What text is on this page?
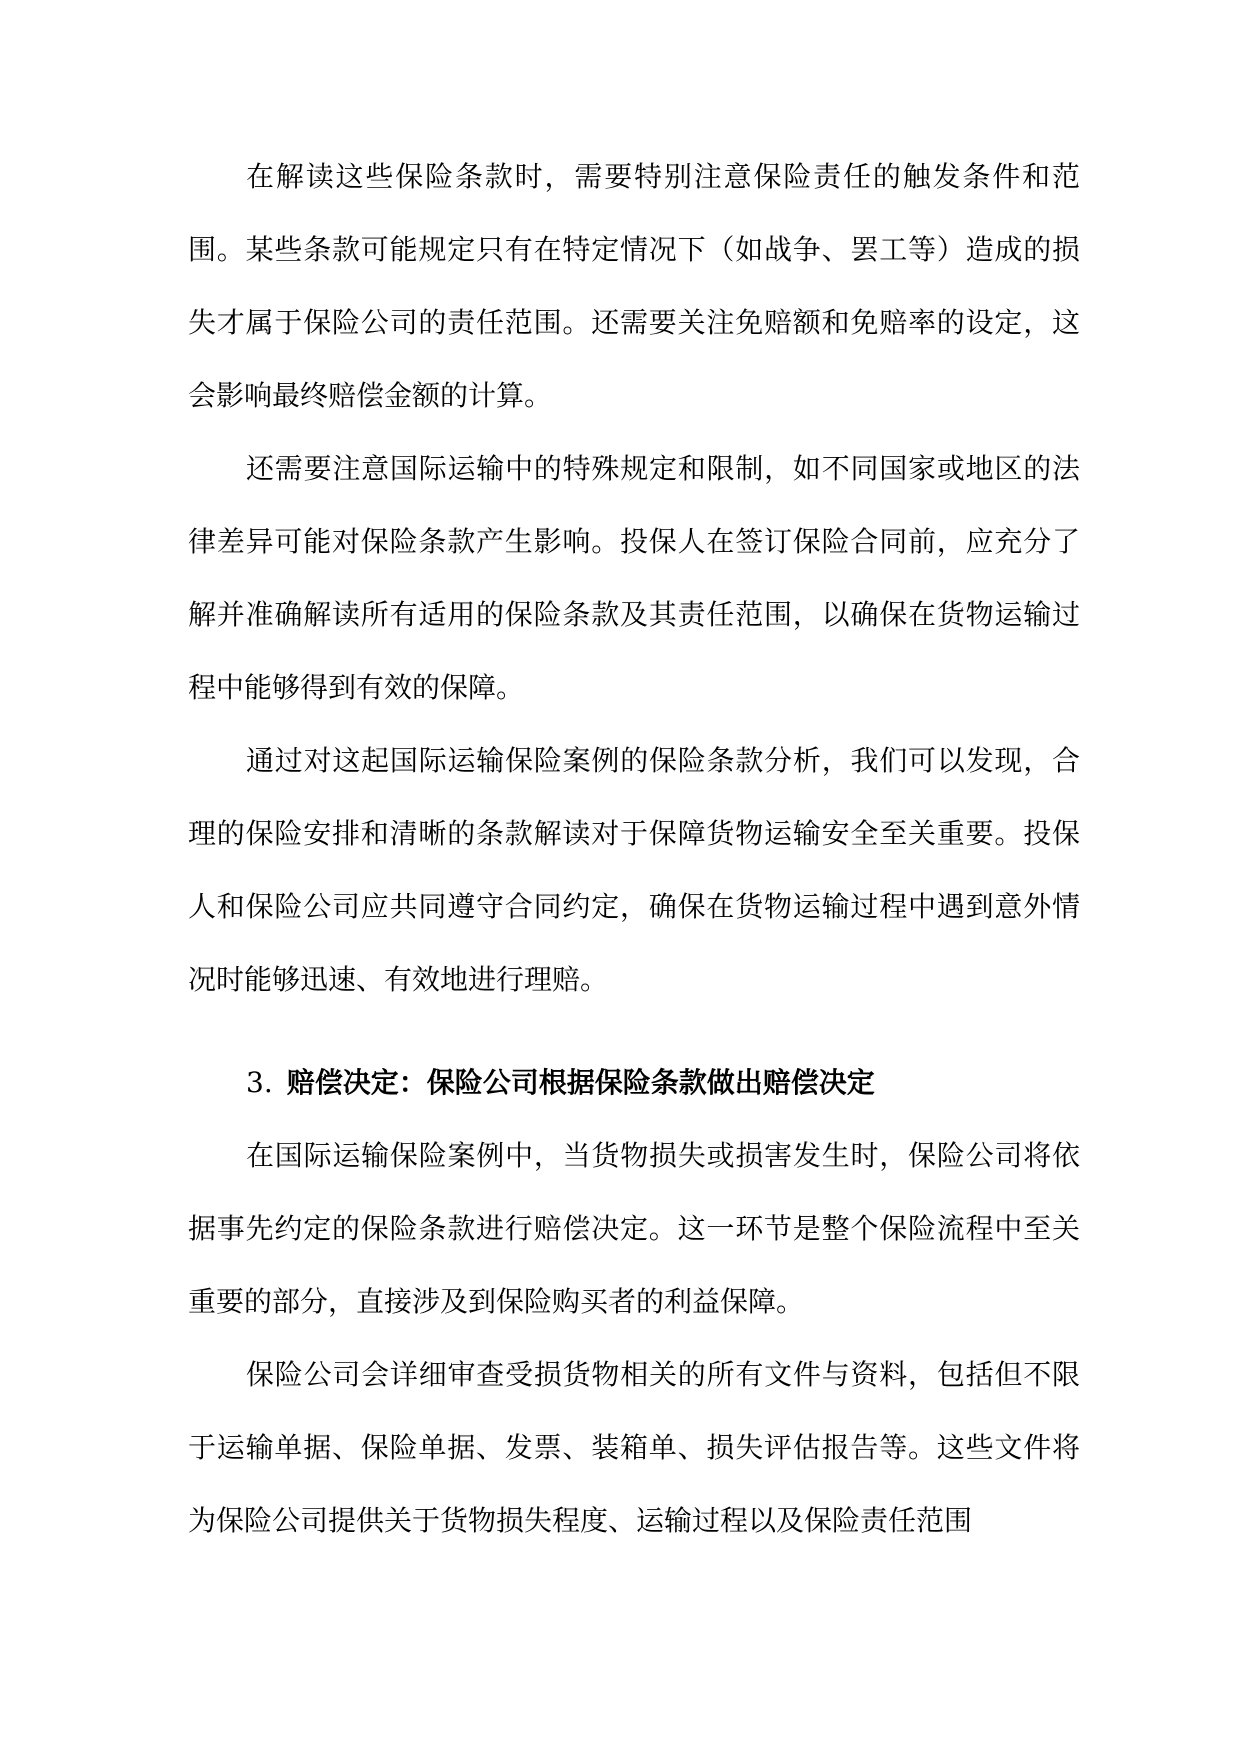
在解读这些保险条款时，需要特别注意保险责任的触发条件和范围。某些条款可能规定只有在特定情况下（如战争、罢工等）造成的损失才属于保险公司的责任范围。还需要关注免赔额和免赔率的设定，这会影响最终赔偿金额的计算。

还需要注意国际运输中的特殊规定和限制，如不同国家或地区的法律差异可能对保险条款产生影响。投保人在签订保险合同前，应充分了解并准确解读所有适用的保险条款及其责任范围，以确保在货物运输过程中能够得到有效的保障。

通过对这起国际运输保险案例的保险条款分析，我们可以发现，合理的保险安排和清晰的条款解读对于保障货物运输安全至关重要。投保人和保险公司应共同遵守合同约定，确保在货物运输过程中遇到意外情况时能够迅速、有效地进行理赔。

3. 赔偿决定：保险公司根据保险条款做出赔偿决定

在国际运输保险案例中，当货物损失或损害发生时，保险公司将依据事先约定的保险条款进行赔偿决定。这一环节是整个保险流程中至关重要的部分，直接涉及到保险购买者的利益保障。

保险公司会详细审查受损货物相关的所有文件与资料，包括但不限于运输单据、保险单据、发票、装箱单、损失评估报告等。这些文件将为保险公司提供关于货物损失程度、运输过程以及保险责任范围
